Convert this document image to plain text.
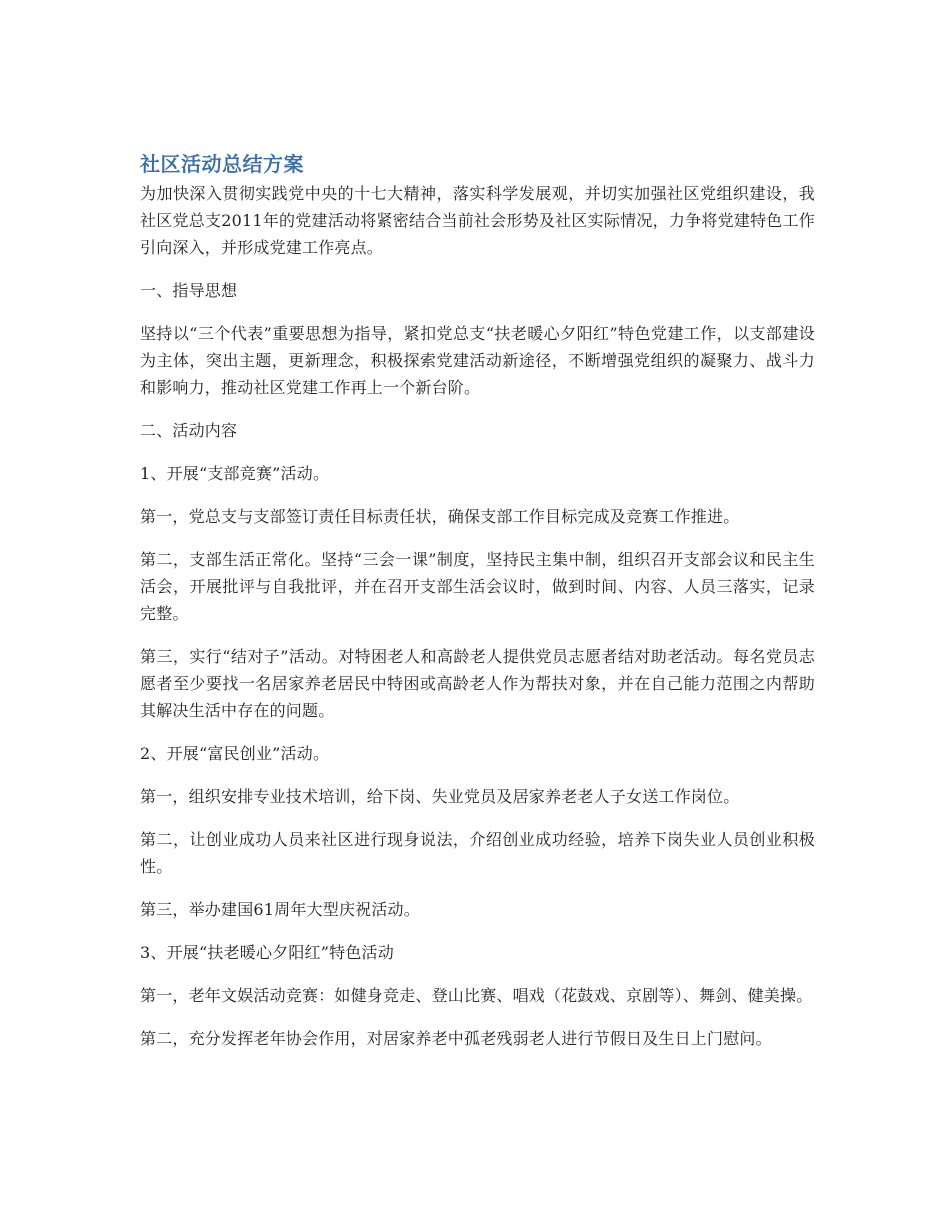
社区活动总结方案

为加快深入贯彻实践党中央的十七大精神，落实科学发展观，并切实加强社区党组织建设，我社区党总支2011年的党建活动将紧密结合当前社会形势及社区实际情况，力争将党建特色工作引向深入，并形成党建工作亮点。

一、指导思想

坚持以“三个代表”重要思想为指导，紧扣党总支“扶老暖心夕阳红”特色党建工作，以支部建设为主体，突出主题，更新理念，积极探索党建活动新途径，不断增强党组织的凝聚力、战斗力和影响力，推动社区党建工作再上一个新台阶。

二、活动内容

1、开展“支部竞赛”活动。

第一，党总支与支部签订责任目标责任状，确保支部工作目标完成及竞赛工作推进。

第二，支部生活正常化。坚持“三会一课”制度，坚持民主集中制，组织召开支部会议和民主生活会，开展批评与自我批评，并在召开支部生活会议时，做到时间、内容、人员三落实，记录完整。

第三，实行“结对子”活动。对特困老人和高龄老人提供党员志愿者结对助老活动。每名党员志愿者至少要找一名居家养老居民中特困或高龄老人作为帮扶对象，并在自己能力范围之内帮助其解决生活中存在的问题。

2、开展“富民创业”活动。

第一，组织安排专业技术培训，给下岗、失业党员及居家养老老人子女送工作岗位。

第二，让创业成功人员来社区进行现身说法，介绍创业成功经验，培养下岗失业人员创业积极性。

第三，举办建国61周年大型庆祝活动。

3、开展“扶老暖心夕阳红”特色活动

第一，老年文娱活动竞赛：如健身竞走、登山比赛、唱戏（花鼓戏、京剧等）、舞剑、健美操。

第二，充分发挥老年协会作用，对居家养老中孤老残弱老人进行节假日及生日上门慰问。
